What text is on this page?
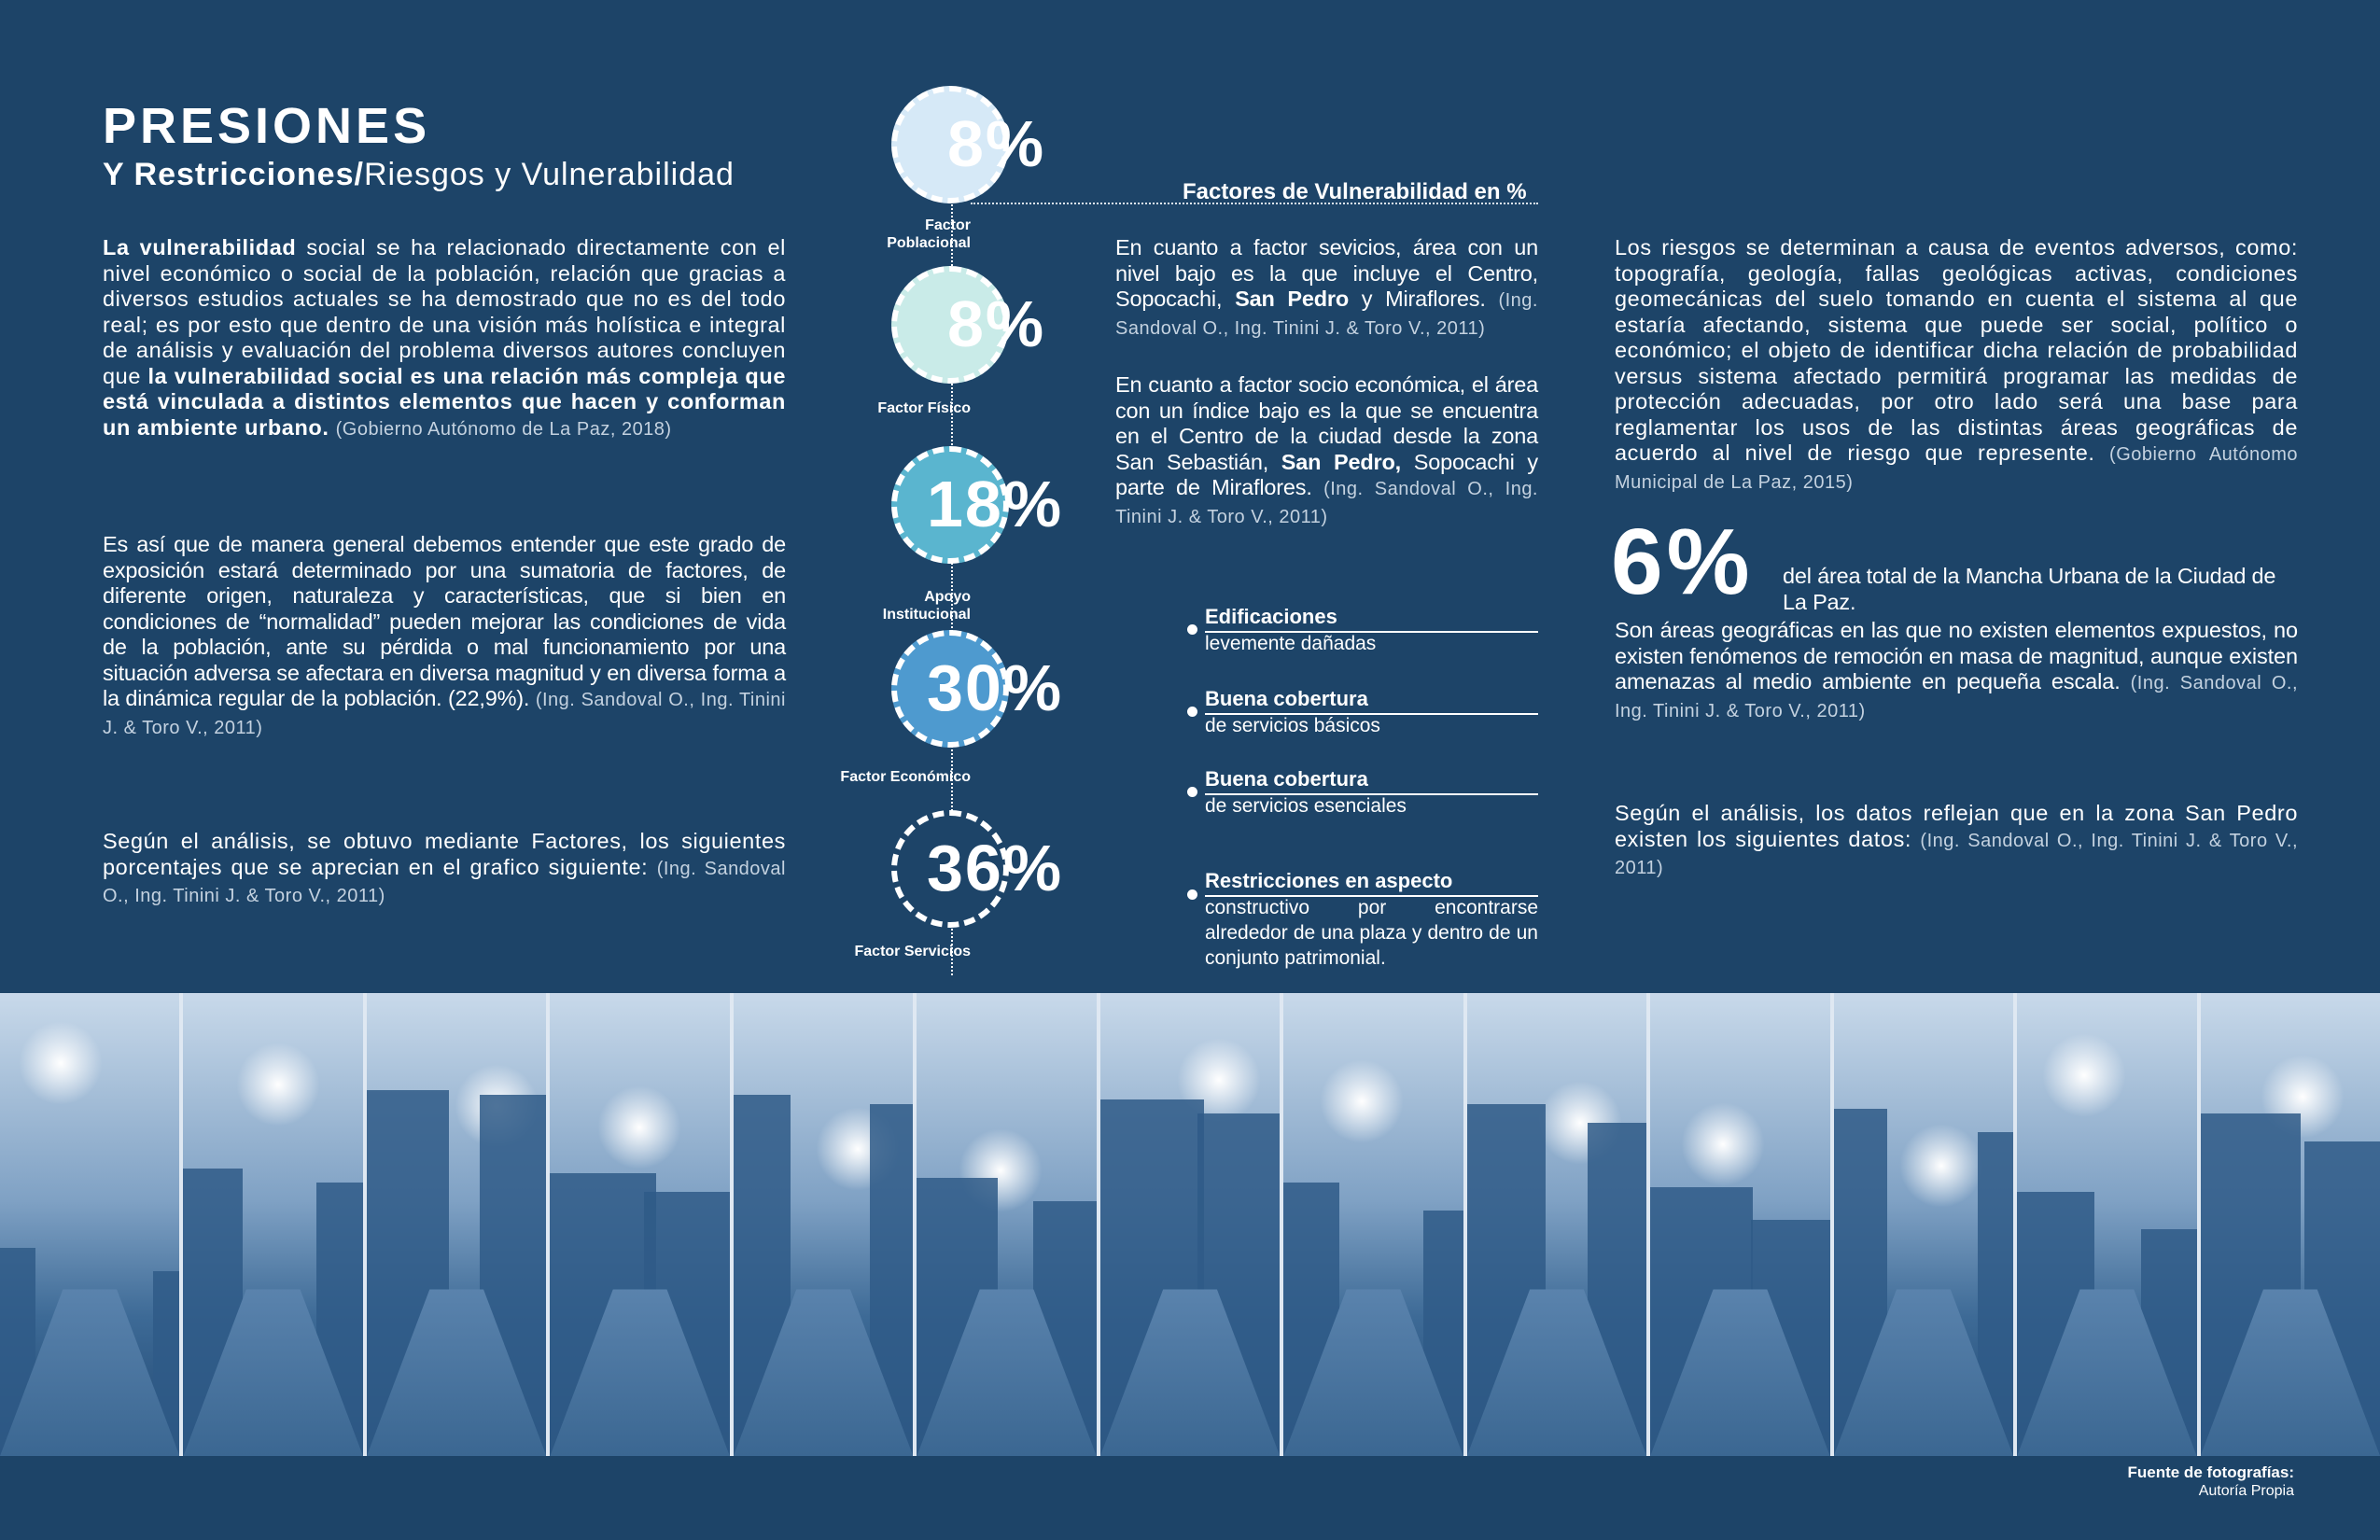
PRESIONES
Y Restricciones/Riesgos y Vulnerabilidad
La vulnerabilidad social se ha relacionado directamente con el nivel económico o social de la población, relación que gracias a diversos estudios actuales se ha demostrado que no es del todo real; es por esto que dentro de una visión más holística e integral de análisis y evaluación del problema diversos autores concluyen que la vulnerabilidad social es una relación más compleja que está vinculada a distintos elementos que hacen y conforman un ambiente urbano. (Gobierno Autónomo de La Paz, 2018)
Es así que de manera general debemos entender que este grado de exposición estará determinado por una sumatoria de factores, de diferente origen, naturaleza y características, que si bien en condiciones de “normalidad” pueden mejorar las condiciones de vida de la población, ante su pérdida o mal funcionamiento por una situación adversa se afectara en diversa magnitud y en diversa forma a la dinámica regular de la población. (22,9%). (Ing. Sandoval O., Ing. Tinini J. & Toro V., 2011)
Según el análisis, se obtuvo mediante Factores, los siguientes porcentajes que se aprecian en el grafico siguiente: (Ing. Sandoval O., Ing. Tinini J. & Toro V., 2011)
Factores de Vulnerabilidad en %
En cuanto a factor sevicios, área con un nivel bajo es la que incluye el Centro, Sopocachi, San Pedro y Miraflores. (Ing. Sandoval O., Ing. Tinini J. & Toro V., 2011)
En cuanto a factor socio económica, el área con un índice bajo es la que se encuentra en el Centro de la ciudad desde la zona San Sebastián, San Pedro, Sopocachi y parte de Miraflores. (Ing. Sandoval O., Ing. Tinini J. & Toro V., 2011)
Edificaciones
levemente dañadas
Buena cobertura
de servicios básicos
Buena cobertura
de servicios esenciales
Restricciones en aspecto
constructivo por encontrarse alrededor de una plaza y dentro de un conjunto patrimonial.
Los riesgos se determinan a causa de eventos adversos, como: topografía, geología, fallas geológicas activas, condiciones geomecánicas del suelo tomando en cuenta el sistema al que estaría afectando, sistema que puede ser social, político o económico; el objeto de identificar dicha relación de probabilidad versus sistema afectado permitirá programar las medidas de protección adecuadas, por otro lado será una base para reglamentar los usos de las distintas áreas geográficas de acuerdo al nivel de riesgo que represente. (Gobierno Autónomo Municipal de La Paz, 2015)
6% del área total de la Mancha Urbana de la Ciudad de La Paz.
Son áreas geográficas en las que no existen elementos expuestos, no existen fenómenos de remoción en masa de magnitud, aunque existen amenazas al medio ambiente en pequeña escala. (Ing. Sandoval O., Ing. Tinini J. & Toro V., 2011)
Según el análisis, los datos reflejan que en la zona San Pedro existen los siguientes datos: (Ing. Sandoval O., Ing. Tinini J. & Toro V., 2011)
Fuente de fotografías:
Autoría Propia
8%
Factor Poblacional
8%
Factor Físico
18%
Apoyo Institucional
30%
Factor Económico
36%
Factor Servicios
